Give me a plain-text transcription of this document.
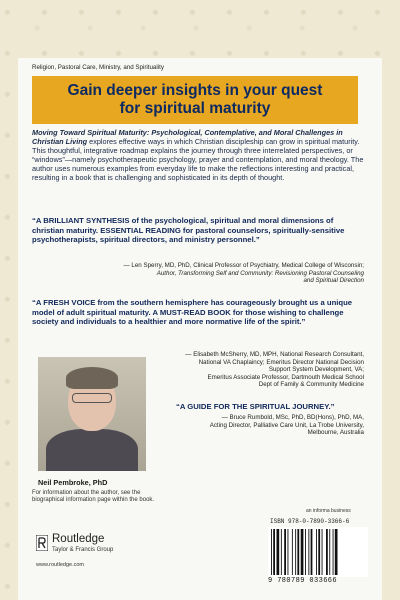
Religion, Pastoral Care, Ministry, and Spirituality
Gain deeper insights in your quest
for spiritual maturity
Moving Toward Spiritual Maturity: Psychological, Contemplative, and Moral Challenges in Christian Living explores effective ways in which Christian discipleship can grow in spiritual maturity. This thoughtful, integrative roadmap explains the journey through three interrelated perspectives, or “windows”—namely psychotherapeutic psychology, prayer and contemplation, and moral theology. The author uses numerous examples from everyday life to make the reflections interesting and practical, resulting in a book that is challenging and sophisticated in its depth of thought.
“A BRILLIANT SYNTHESIS of the psychological, spiritual and moral dimensions of christian maturity. ESSENTIAL READING for pastoral counselors, spiritually-sensitive psychotherapists, spiritual directors, and ministry personnel.”
— Len Sperry, MD, PhD, Clinical Professor of Psychiatry, Medical College of Wisconsin;
Author, Transforming Self and Community: Revisioning Pastoral Counseling
and Spiritual Direction
“A FRESH VOICE from the southern hemisphere has courageously brought us a unique model of adult spiritual maturity. A MUST-READ BOOK for those wishing to challenge society and individuals to a healthier and more normative life of the spirit.”
— Elisabeth McSherry, MD, MPH, National Research Consultant,
National VA Chaplaincy; Emeritus Director National Decision
Support System Development, VA;
Emeritus Associate Professor, Dartmouth Medical School
Dept of Family & Community Medicine
Neil Pembroke, PhD
“A GUIDE FOR THE SPIRITUAL JOURNEY.”
— Bruce Rumbold, MSc, PhD, BD(Hons), PhD, MA,
Acting Director, Palliative Care Unit, La Trobe University,
Melbourne, Australia
For information about the author, see the biographical information page within the book.
an informa business
ISBN 978-0-7890-3366-6
9 780789 033666
Routledge
Taylor & Francis Group
www.routledge.com
